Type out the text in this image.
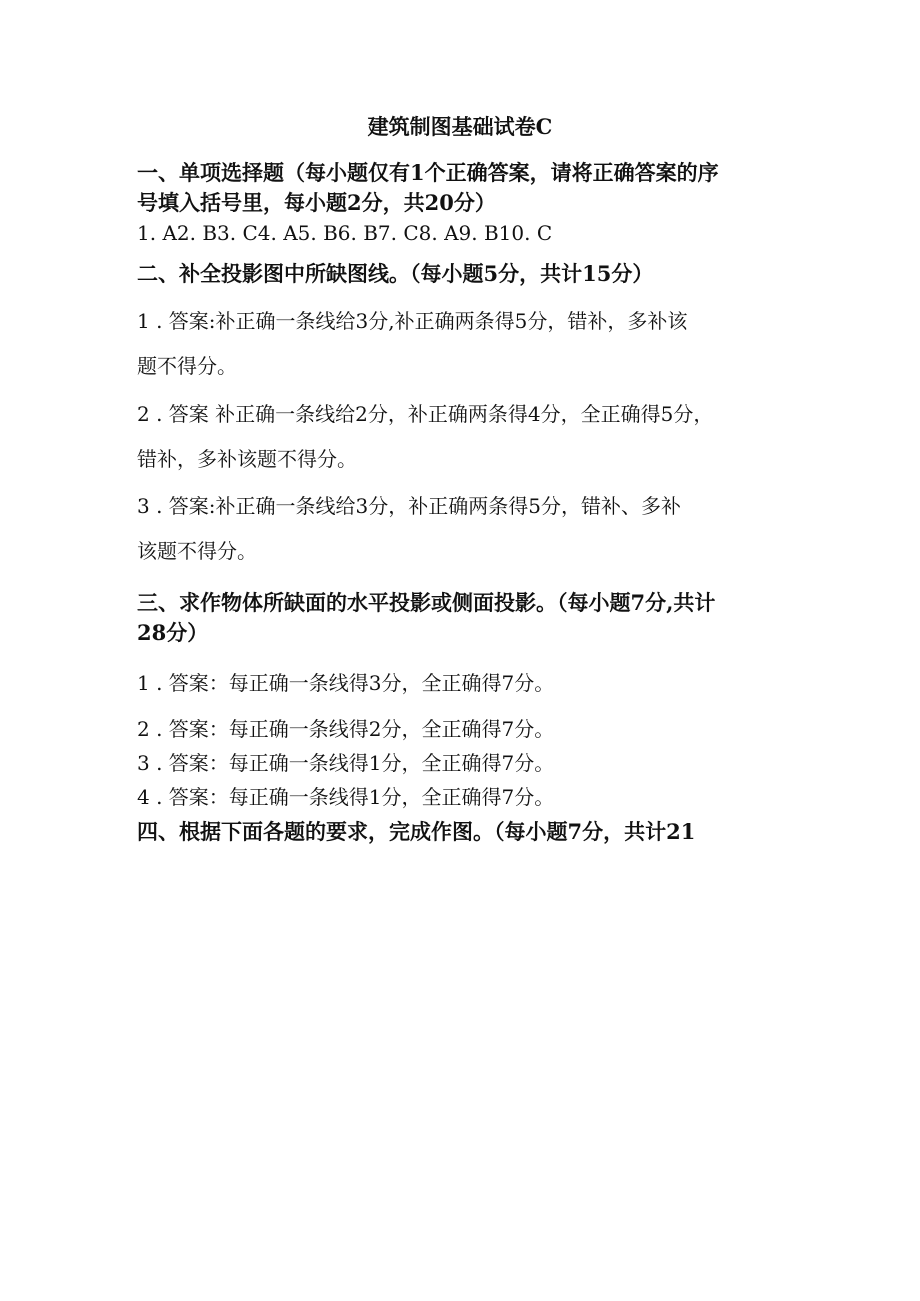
建筑制图基础试卷C
一、单项选择题（每小题仅有1个正确答案，请将正确答案的序
号填入括号里，每小题2分，共20分）
1. A2. B3. C4. A5. B6. B7. C8. A9. B10. C
二、补全投影图中所缺图线。（每小题5分，共计15分）
1 . 答案:补正确一条线给3分,补正确两条得5分，错补，多补该
题不得分。
2 . 答案 补正确一条线给2分，补正确两条得4分，全正确得5分，
错补，多补该题不得分。
3 . 答案:补正确一条线给3分，补正确两条得5分，错补、多补
该题不得分。
三、求作物体所缺面的水平投影或侧面投影。（每小题7分,共计
28分）
1 . 答案：每正确一条线得3分，全正确得7分。
2 . 答案：每正确一条线得2分，全正确得7分。
3 . 答案：每正确一条线得1分，全正确得7分。
4 . 答案：每正确一条线得1分，全正确得7分。
四、根据下面各题的要求，完成作图。（每小题7分，共计21
